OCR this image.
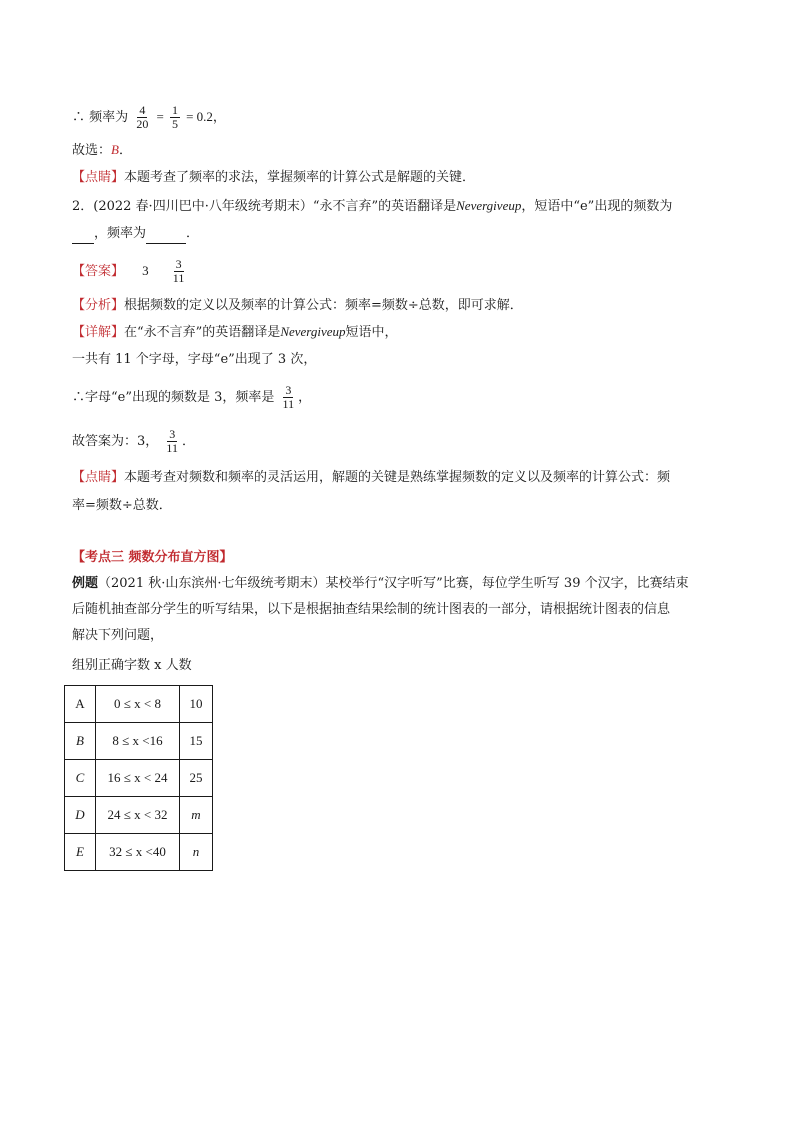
∴ 频率为 $\frac{4}{20} = \frac{1}{5} = 0.2$，
故选：B．
【点睛】本题考查了频率的求法，掌握频率的计算公式是解题的关键．
2．(2022 春·四川巴中·八年级统考期末）“永不言弃”的英语翻译是Nevergiveup，短语中“e”出现的频数为
，频率为	．
【答案】 $3 \frac{3}{11}$
【分析】根据频数的定义以及频率的计算公式：频率=频数÷总数，即可求解．
【详解】在“永不言弃”的英语翻译是Nevergiveup短语中，
一共有 11 个字母，字母“e”出现了 3 次，
∴字母“e”出现的频数是 3，频率是 $\frac{3}{11}$ ，
故答案为：3， $\frac{3}{11}$ ．
【点睛】本题考查对频数和频率的灵活运用，解题的关键是熟练掌握频数的定义以及频率的计算公式：频
率=频数÷总数．
【考点三 频数分布直方图】
例题（2021 秋·山东滨州·七年级统考期末）某校举行“汉字听写”比赛，每位学生听写 39 个汉字，比赛结束
后随机抽查部分学生的听写结果，以下是根据抽查结果绘制的统计图表的一部分，请根据统计图表的信息
解决下列问题，
组别正确字数 x 人数
A	0 ≤ x < 8	10
B	8 ≤ x <16	15
C	16 ≤ x < 24	25
D	24 ≤ x < 32	m
E	32 ≤ x <40	n
